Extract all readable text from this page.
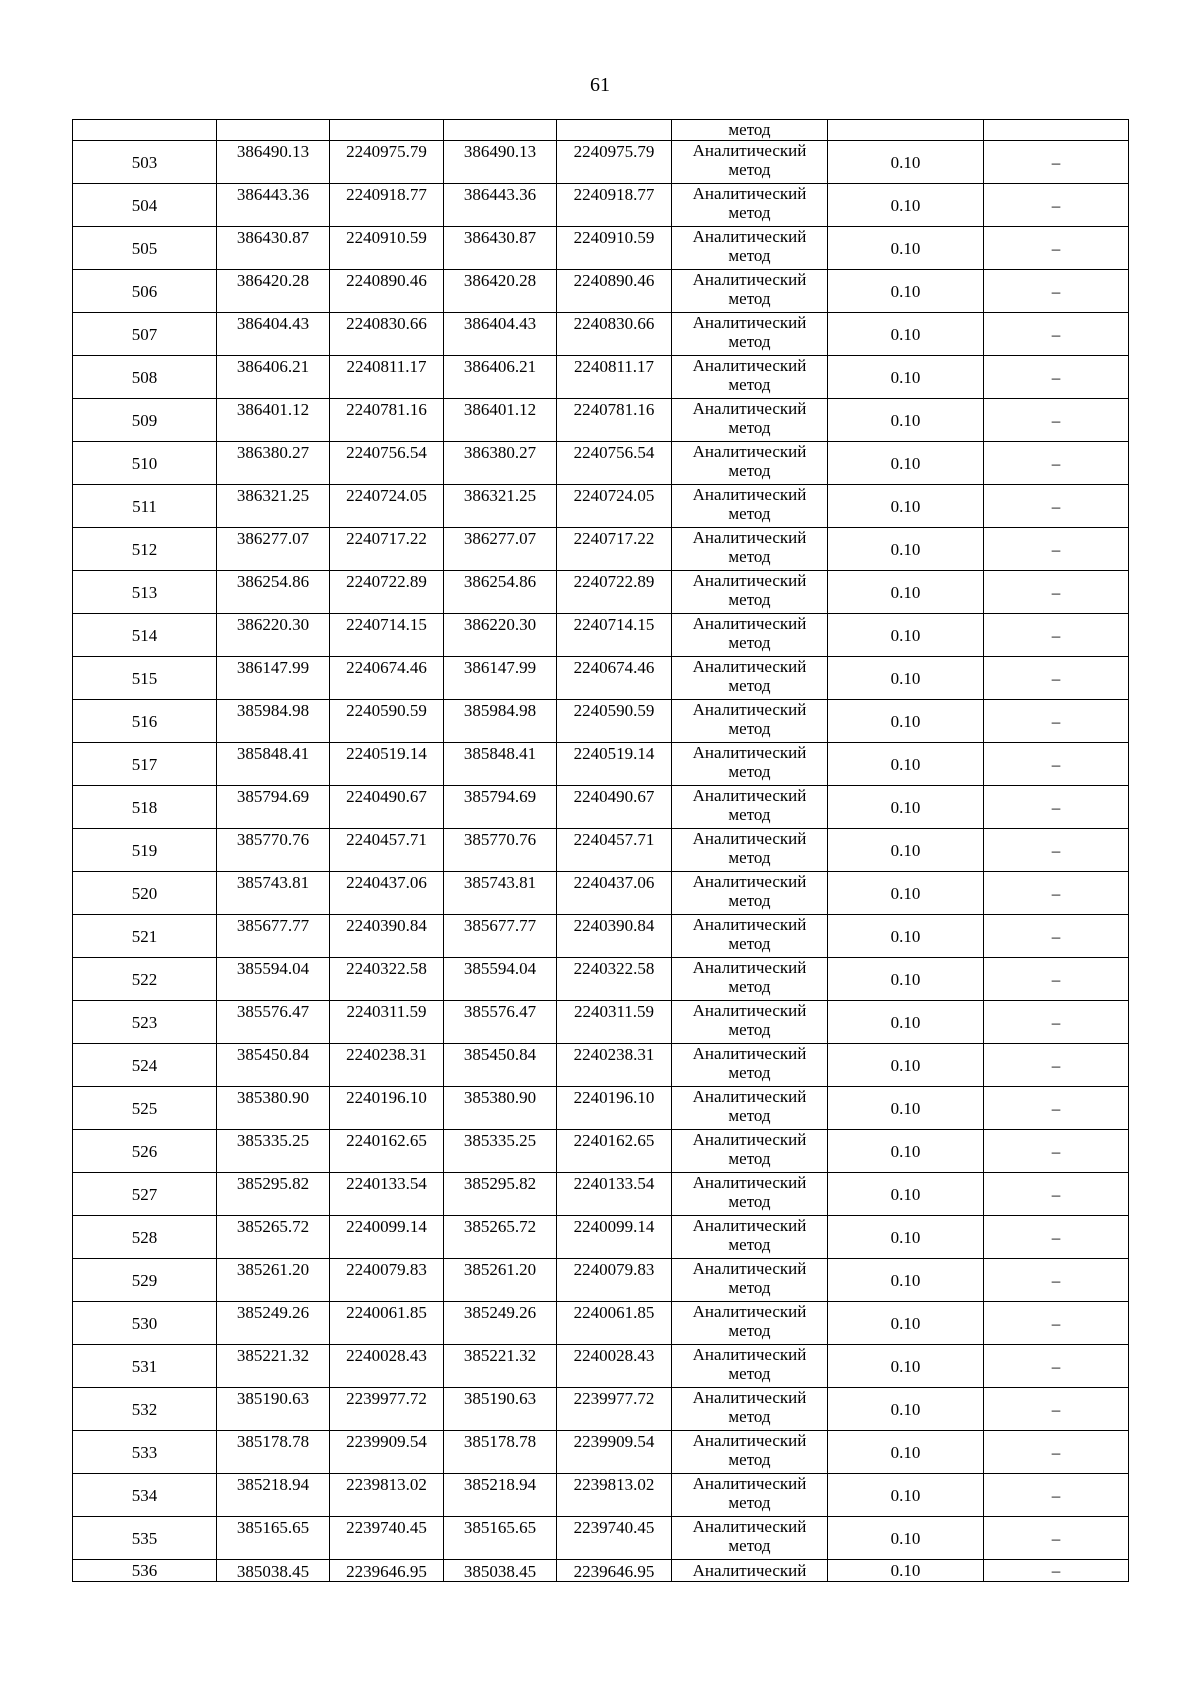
61
					метод		
503	386490.13	2240975.79	386490.13	2240975.79	Аналитический
метод	0.10	–
504	386443.36	2240918.77	386443.36	2240918.77	Аналитический
метод	0.10	–
505	386430.87	2240910.59	386430.87	2240910.59	Аналитический
метод	0.10	–
506	386420.28	2240890.46	386420.28	2240890.46	Аналитический
метод	0.10	–
507	386404.43	2240830.66	386404.43	2240830.66	Аналитический
метод	0.10	–
508	386406.21	2240811.17	386406.21	2240811.17	Аналитический
метод	0.10	–
509	386401.12	2240781.16	386401.12	2240781.16	Аналитический
метод	0.10	–
510	386380.27	2240756.54	386380.27	2240756.54	Аналитический
метод	0.10	–
511	386321.25	2240724.05	386321.25	2240724.05	Аналитический
метод	0.10	–
512	386277.07	2240717.22	386277.07	2240717.22	Аналитический
метод	0.10	–
513	386254.86	2240722.89	386254.86	2240722.89	Аналитический
метод	0.10	–
514	386220.30	2240714.15	386220.30	2240714.15	Аналитический
метод	0.10	–
515	386147.99	2240674.46	386147.99	2240674.46	Аналитический
метод	0.10	–
516	385984.98	2240590.59	385984.98	2240590.59	Аналитический
метод	0.10	–
517	385848.41	2240519.14	385848.41	2240519.14	Аналитический
метод	0.10	–
518	385794.69	2240490.67	385794.69	2240490.67	Аналитический
метод	0.10	–
519	385770.76	2240457.71	385770.76	2240457.71	Аналитический
метод	0.10	–
520	385743.81	2240437.06	385743.81	2240437.06	Аналитический
метод	0.10	–
521	385677.77	2240390.84	385677.77	2240390.84	Аналитический
метод	0.10	–
522	385594.04	2240322.58	385594.04	2240322.58	Аналитический
метод	0.10	–
523	385576.47	2240311.59	385576.47	2240311.59	Аналитический
метод	0.10	–
524	385450.84	2240238.31	385450.84	2240238.31	Аналитический
метод	0.10	–
525	385380.90	2240196.10	385380.90	2240196.10	Аналитический
метод	0.10	–
526	385335.25	2240162.65	385335.25	2240162.65	Аналитический
метод	0.10	–
527	385295.82	2240133.54	385295.82	2240133.54	Аналитический
метод	0.10	–
528	385265.72	2240099.14	385265.72	2240099.14	Аналитический
метод	0.10	–
529	385261.20	2240079.83	385261.20	2240079.83	Аналитический
метод	0.10	–
530	385249.26	2240061.85	385249.26	2240061.85	Аналитический
метод	0.10	–
531	385221.32	2240028.43	385221.32	2240028.43	Аналитический
метод	0.10	–
532	385190.63	2239977.72	385190.63	2239977.72	Аналитический
метод	0.10	–
533	385178.78	2239909.54	385178.78	2239909.54	Аналитический
метод	0.10	–
534	385218.94	2239813.02	385218.94	2239813.02	Аналитический
метод	0.10	–
535	385165.65	2239740.45	385165.65	2239740.45	Аналитический
метод	0.10	–
536	385038.45	2239646.95	385038.45	2239646.95	Аналитический	0.10	–
